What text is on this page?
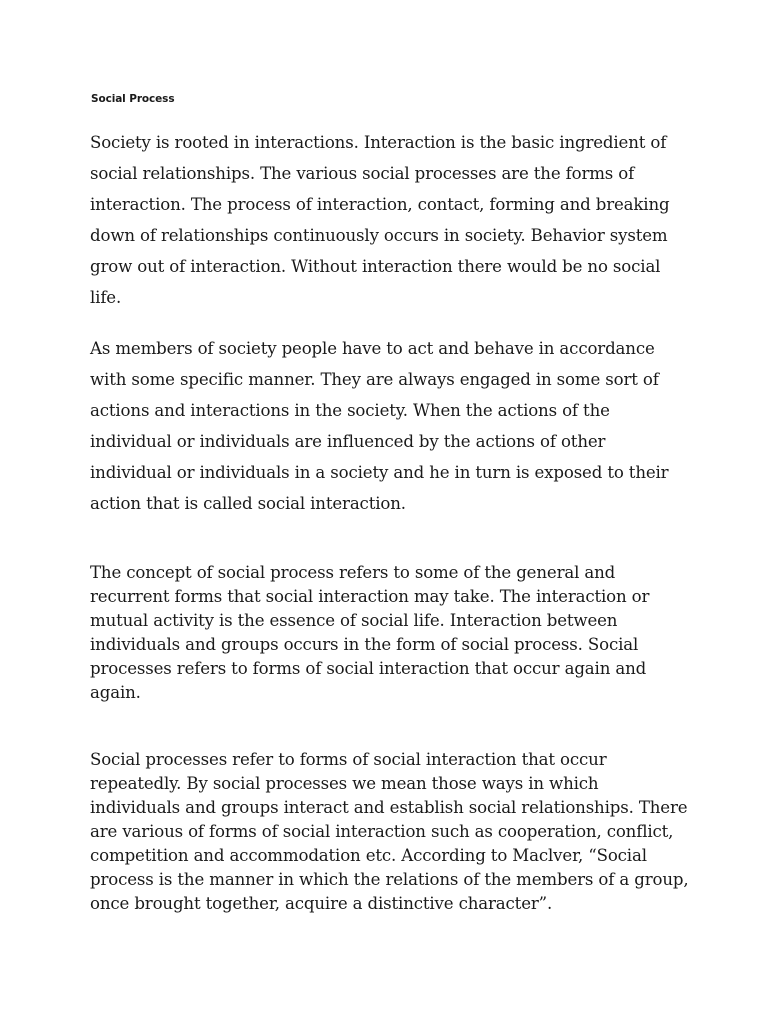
Social Process

Society is rooted in interactions. Interaction is the basic ingredient of social relationships. The various social processes are the forms of interaction. The process of interaction, contact, forming and breaking down of relationships continuously occurs in society. Behavior system grow out of interaction. Without interaction there would be no social life.

As members of society people have to act and behave in accordance with some specific manner. They are always engaged in some sort of actions and interactions in the society. When the actions of the individual or individuals are influenced by the actions of other individual or individuals in a society and he in turn is exposed to their action that is called social interaction.

The concept of social process refers to some of the general and recurrent forms that social interaction may take. The interaction or mutual activity is the essence of social life. Interaction between individuals and groups occurs in the form of social process. Social processes refers to forms of social interaction that occur again and again.

Social processes refer to forms of social interaction that occur repeatedly. By social processes we mean those ways in which individuals and groups interact and establish social relationships. There are various of forms of social interaction such as cooperation, conflict, competition and accommodation etc. According to Maclver, “Social process is the manner in which the relations of the members of a group, once brought together, acquire a distinctive character”.
